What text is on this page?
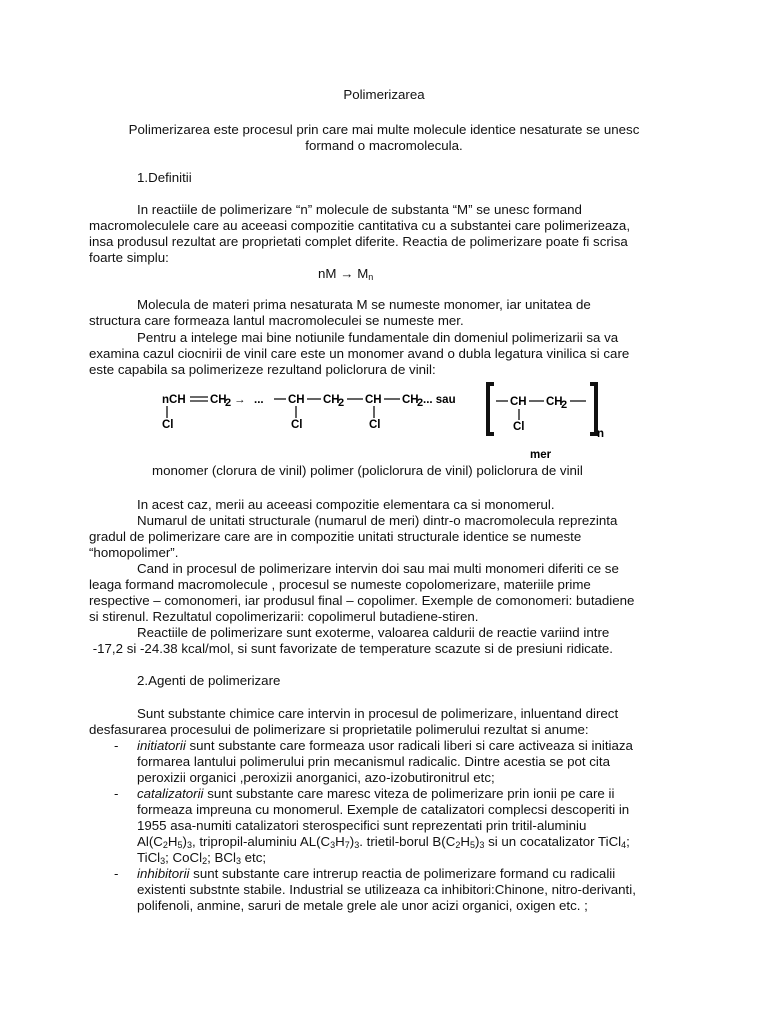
Polimerizarea
Polimerizarea este procesul prin care mai multe molecule identice nesaturate se unesc
formand o macromolecula.
1.Definitii
In reactiile de polimerizare “n” molecule de substanta “M” se unesc formand
macromoleculele care au aceeasi compozitie cantitativa cu a substantei care polimerizeaza,
insa produsul rezultat are proprietati complet diferite. Reactia de polimerizare poate fi scrisa
foarte simplu:
nM → $M_n$
Molecula de materi prima nesaturata M se numeste monomer, iar unitatea de
structura care formeaza lantul macromoleculei se numeste mer.
Pentru a intelege mai bine notiunile fundamentale din domeniul polimerizarii sa va
examina cazul ciocnirii de vinil care este un monomer avand o dubla legatura vinilica si care
este capabila sa polimerizeze rezultand policlorura de vinil:
nCH CH
2 → ... CH CH
2 CH CH
2 ... sau
Cl	Cl	Cl
CH CH
2
n
Cl
mer
monomer (clorura de vinil) polimer (policlorura de vinil) policlorura de vinil
In acest caz, merii au aceeasi compozitie elementara ca si monomerul.
Numarul de unitati structurale (numarul de meri) dintr-o macromolecula reprezinta
gradul de polimerizare care are in compozitie unitati structurale identice se numeste
“homopolimer”.
Cand in procesul de polimerizare intervin doi sau mai multi monomeri diferiti ce se
leaga formand macromolecule , procesul se numeste copolomerizare, materiile prime
respective – comonomeri, iar produsul final – copolimer. Exemple de comonomeri: butadiene
si stirenul. Rezultatul copolimerizarii: copolimerul butadiene-stiren.
Reactiile de polimerizare sunt exoterme, valoarea caldurii de reactie variind intre
-17,2 si -24.38 kcal/mol, si sunt favorizate de temperature scazute si de presiuni ridicate.
2.Agenti de polimerizare
Sunt substante chimice care intervin in procesul de polimerizare, inluentand direct
desfasurarea procesului de polimerizare si proprietatile polimerului rezultat si anume:
- initiatorii sunt substante care formeaza usor radicali liberi si care activeaza si initiaza
formarea lantului polimerului prin mecanismul radicalic. Dintre acestia se pot cita
peroxizii organici ,peroxizii anorganici, azo-izobutironitrul etc;
- catalizatorii sunt substante care maresc viteza de polimerizare prin ionii pe care ii
formeaza impreuna cu monomerul. Exemple de catalizatori complecsi descoperiti in
1955 asa-numiti catalizatori sterospecifici sunt reprezentati prin tritil-aluminiu
$Al(C_2H_5)_3$, tripropil-aluminiu $AL(C_3H_7)_3$. trietil-borul $B(C_2H_5)_3$ si un cocatalizator TiCl$_4$;
TiCl$_3$; CoCl$_2$; BCl$_3$ etc;
- inhibitorii sunt substante care intrerup reactia de polimerizare formand cu radicalii
existenti substnte stabile. Industrial se utilizeaza ca inhibitori:Chinone, nitro-derivanti,
polifenoli, anmine, saruri de metale grele ale unor acizi organici, oxigen etc. ;
